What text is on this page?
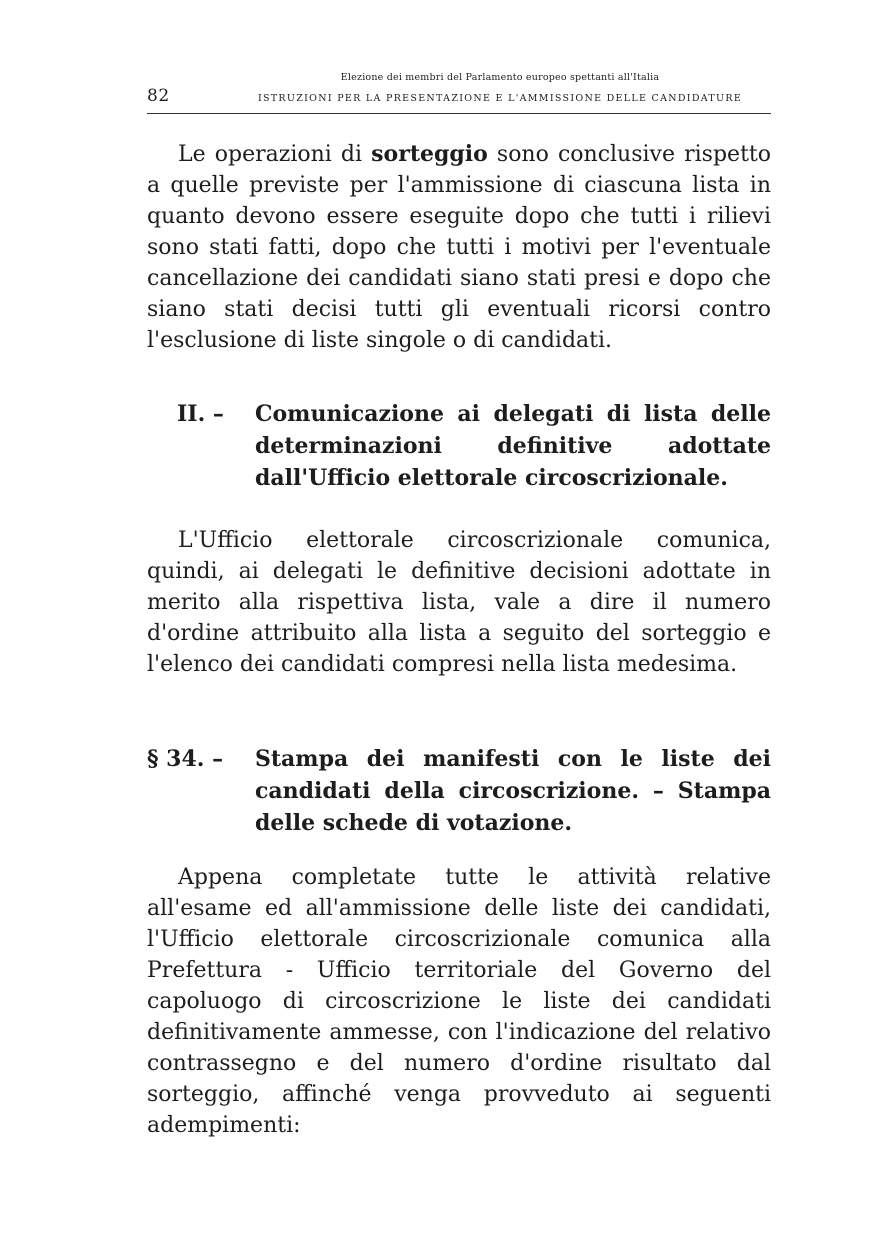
82
Elezione dei membri del Parlamento europeo spettanti all'Italia
ISTRUZIONI PER LA PRESENTAZIONE E L'AMMISSIONE DELLE CANDIDATURE

Le operazioni di sorteggio sono conclusive rispetto a quelle previste per l'ammissione di ciascuna lista in quanto devono essere eseguite dopo che tutti i rilievi sono stati fatti, dopo che tutti i motivi per l'eventuale cancellazione dei candidati siano stati presi e dopo che siano stati decisi tutti gli eventuali ricorsi contro l'esclusione di liste singole o di candidati.

II. – Comunicazione ai delegati di lista delle determinazioni definitive adottate dall'Ufficio elettorale circoscrizionale.

L'Ufficio elettorale circoscrizionale comunica, quindi, ai delegati le definitive decisioni adottate in merito alla rispettiva lista, vale a dire il numero d'ordine attribuito alla lista a seguito del sorteggio e l'elenco dei candidati compresi nella lista medesima.

§ 34. – Stampa dei manifesti con le liste dei candidati della circoscrizione. – Stampa delle schede di votazione.

Appena completate tutte le attività relative all'esame ed all'ammissione delle liste dei candidati, l'Ufficio elettorale circoscrizionale comunica alla Prefettura - Ufficio territoriale del Governo del capoluogo di circoscrizione le liste dei candidati definitivamente ammesse, con l'indicazione del relativo contrassegno e del numero d'ordine risultato dal sorteggio, affinché venga provveduto ai seguenti adempimenti:
